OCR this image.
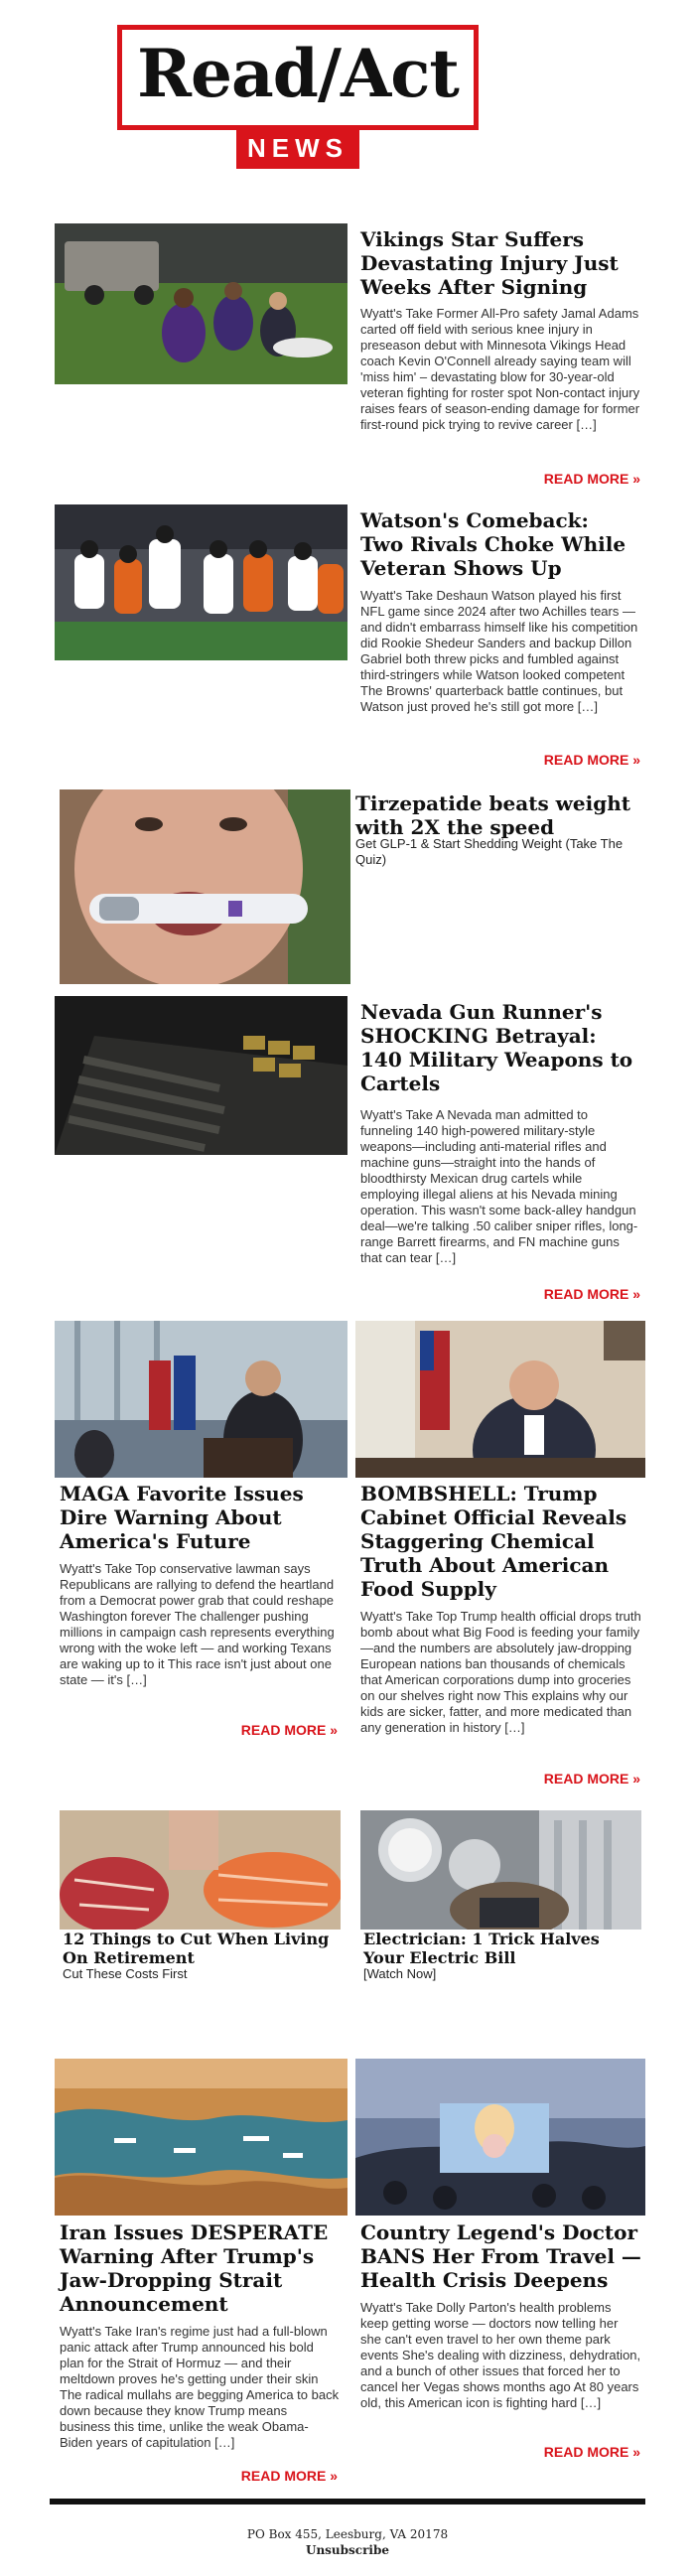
Read/Act
NEWS
Vikings Star Suffers Devastating Injury Just Weeks After Signing
Wyatt's Take Former All-Pro safety Jamal Adams carted off field with serious knee injury in preseason debut with Minnesota Vikings Head coach Kevin O'Connell already saying team will 'miss him' – devastating blow for 30-year-old veteran fighting for roster spot Non-contact injury raises fears of season-ending damage for former first-round pick trying to revive career […]
READ MORE »
Watson's Comeback: Two Rivals Choke While Veteran Shows Up
Wyatt's Take Deshaun Watson played his first NFL game since 2024 after two Achilles tears — and didn't embarrass himself like his competition did Rookie Shedeur Sanders and backup Dillon Gabriel both threw picks and fumbled against third-stringers while Watson looked competent The Browns' quarterback battle continues, but Watson just proved he's still got more […]
READ MORE »
Tirzepatide beats weight with 2X the speed
Get GLP-1 & Start Shedding Weight (Take The Quiz)
Nevada Gun Runner's SHOCKING Betrayal: 140 Military Weapons to Cartels
Wyatt's Take A Nevada man admitted to funneling 140 high-powered military-style weapons—including anti-material rifles and machine guns—straight into the hands of bloodthirsty Mexican drug cartels while employing illegal aliens at his Nevada mining operation. This wasn't some back-alley handgun deal—we're talking .50 caliber sniper rifles, long-range Barrett firearms, and FN machine guns that can tear […]
READ MORE »
MAGA Favorite Issues Dire Warning About America's Future
Wyatt's Take Top conservative lawman says Republicans are rallying to defend the heartland from a Democrat power grab that could reshape Washington forever The challenger pushing millions in campaign cash represents everything wrong with the woke left — and working Texans are waking up to it This race isn't just about one state — it's […]
READ MORE »
BOMBSHELL: Trump Cabinet Official Reveals Staggering Chemical Truth About American Food Supply
Wyatt's Take Top Trump health official drops truth bomb about what Big Food is feeding your family—and the numbers are absolutely jaw-dropping European nations ban thousands of chemicals that American corporations dump into groceries on our shelves right now This explains why our kids are sicker, fatter, and more medicated than any generation in history […]
READ MORE »
12 Things to Cut When Living On Retirement
Cut These Costs First
Electrician: 1 Trick Halves Your Electric Bill
[Watch Now]
Iran Issues DESPERATE Warning After Trump's Jaw-Dropping Strait Announcement
Wyatt's Take Iran's regime just had a full-blown panic attack after Trump announced his bold plan for the Strait of Hormuz — and their meltdown proves he's getting under their skin The radical mullahs are begging America to back down because they know Trump means business this time, unlike the weak Obama-Biden years of capitulation […]
READ MORE »
Country Legend's Doctor BANS Her From Travel — Health Crisis Deepens
Wyatt's Take Dolly Parton's health problems keep getting worse — doctors now telling her she can't even travel to her own theme park events She's dealing with dizziness, dehydration, and a bunch of other issues that forced her to cancel her Vegas shows months ago At 80 years old, this American icon is fighting hard […]
READ MORE »
PO Box 455, Leesburg, VA 20178
Unsubscribe
